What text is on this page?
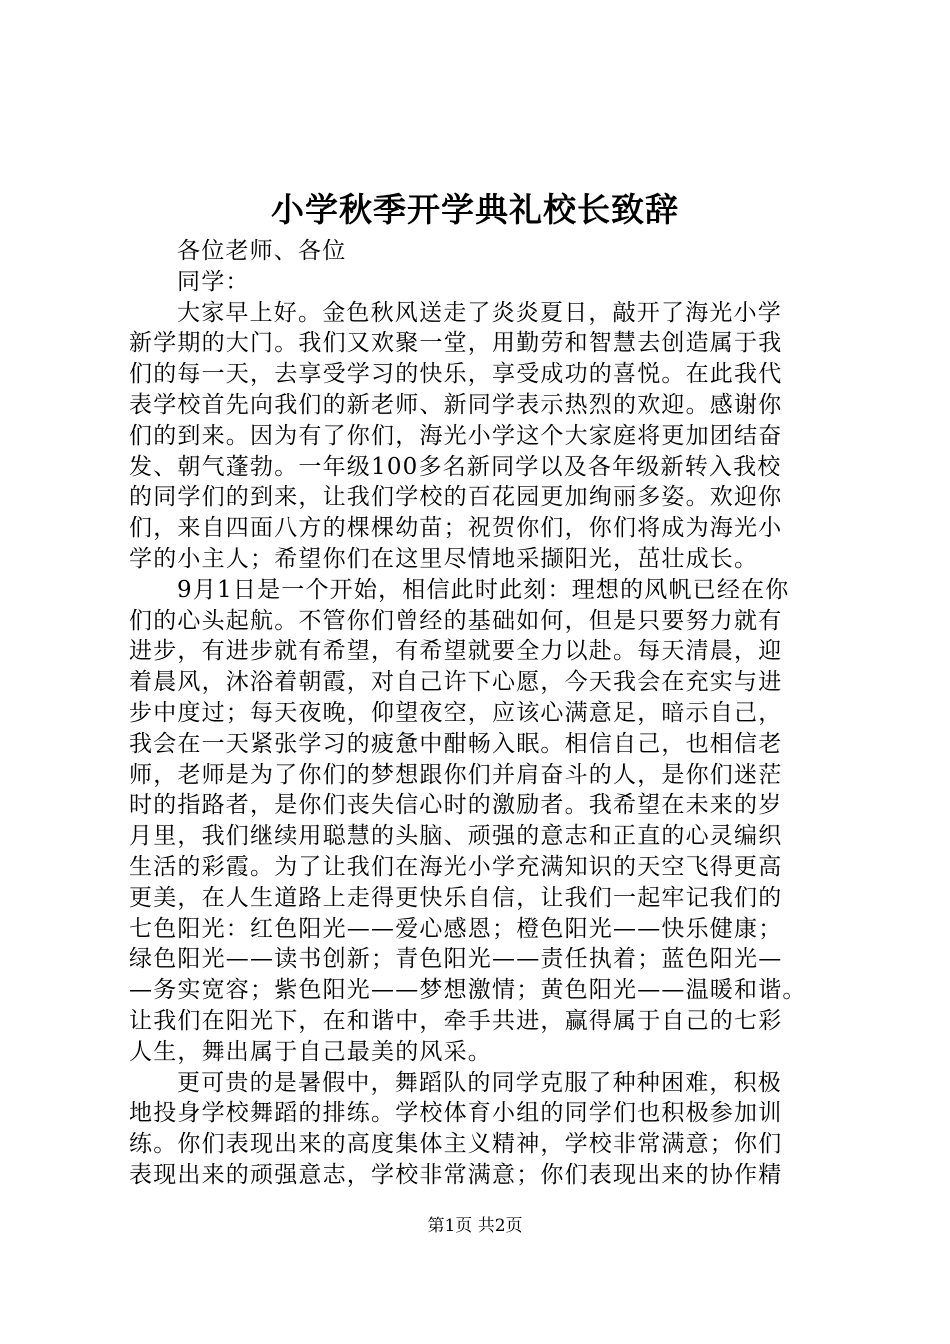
小学秋季开学典礼校长致辞
各位老师、各位
同学：
大家早上好。金色秋风送走了炎炎夏日，敲开了海光小学
新学期的大门。我们又欢聚一堂，用勤劳和智慧去创造属于我
们的每一天，去享受学习的快乐，享受成功的喜悦。在此我代
表学校首先向我们的新老师、新同学表示热烈的欢迎。感谢你
们的到来。因为有了你们，海光小学这个大家庭将更加团结奋
发、朝气蓬勃。一年级100多名新同学以及各年级新转入我校
的同学们的到来，让我们学校的百花园更加绚丽多姿。欢迎你
们，来自四面八方的棵棵幼苗；祝贺你们，你们将成为海光小
学的小主人；希望你们在这里尽情地采撷阳光，茁壮成长。
9月1日是一个开始，相信此时此刻：理想的风帆已经在你
们的心头起航。不管你们曾经的基础如何，但是只要努力就有
进步，有进步就有希望，有希望就要全力以赴。每天清晨，迎
着晨风，沐浴着朝霞，对自己许下心愿，今天我会在充实与进
步中度过；每天夜晚，仰望夜空，应该心满意足，暗示自己，
我会在一天紧张学习的疲惫中酣畅入眠。相信自己，也相信老
师，老师是为了你们的梦想跟你们并肩奋斗的人，是你们迷茫
时的指路者，是你们丧失信心时的激励者。我希望在未来的岁
月里，我们继续用聪慧的头脑、顽强的意志和正直的心灵编织
生活的彩霞。为了让我们在海光小学充满知识的天空飞得更高
更美，在人生道路上走得更快乐自信，让我们一起牢记我们的
七色阳光：红色阳光——爱心感恩；橙色阳光——快乐健康；
绿色阳光——读书创新；青色阳光——责任执着；蓝色阳光—
—务实宽容；紫色阳光——梦想激情；黄色阳光——温暖和谐。
让我们在阳光下，在和谐中，牵手共进，赢得属于自己的七彩
人生，舞出属于自己最美的风采。
更可贵的是暑假中，舞蹈队的同学克服了种种困难，积极
地投身学校舞蹈的排练。学校体育小组的同学们也积极参加训
练。你们表现出来的高度集体主义精神，学校非常满意；你们
表现出来的顽强意志，学校非常满意；你们表现出来的协作精
第1页 共2页
